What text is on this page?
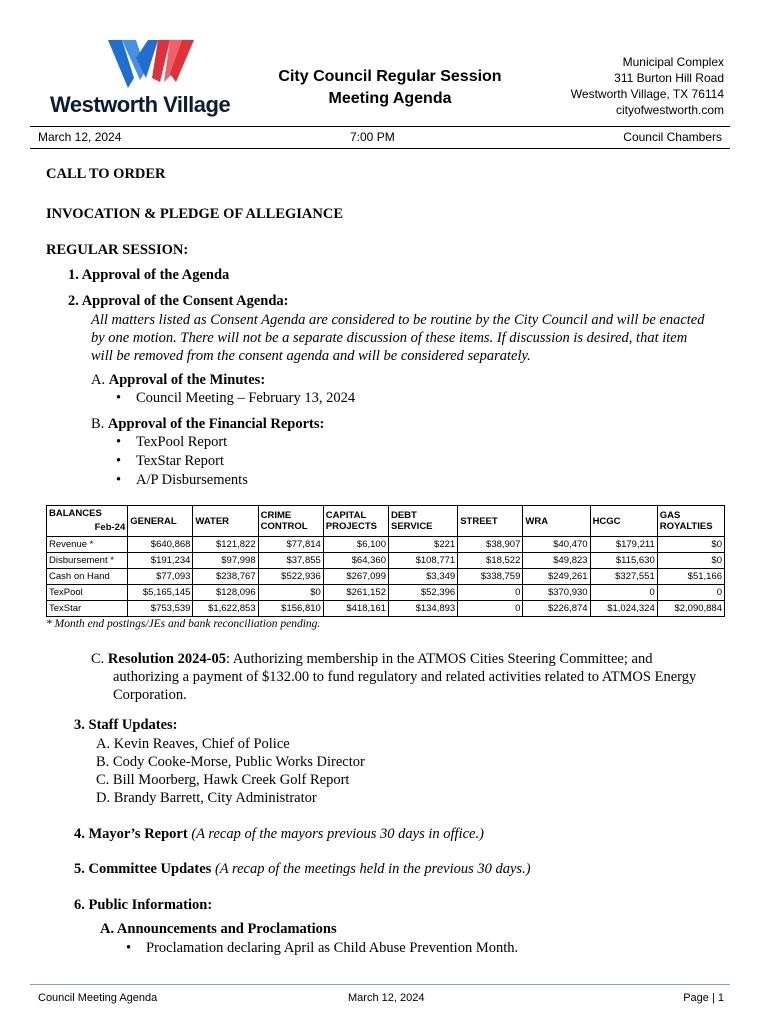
Westworth Village
City Council Regular Session
Meeting Agenda
Municipal Complex
311 Burton Hill Road
Westworth Village, TX 76114
cityofwestworth.com
March 12, 2024	7:00 PM	Council Chambers
CALL TO ORDER
INVOCATION & PLEDGE OF ALLEGIANCE
REGULAR SESSION:
1. Approval of the Agenda
2. Approval of the Consent Agenda:
All matters listed as Consent Agenda are considered to be routine by the City Council and will be enacted
by one motion. There will not be a separate discussion of these items. If discussion is desired, that item
will be removed from the consent agenda and will be considered separately.
A. Approval of the Minutes:
• Council Meeting – February 13, 2024
B. Approval of the Financial Reports:
• TexPool Report
• TexStar Report
• A/P Disbursements
BALANCES
Feb-24	GENERAL	WATER	CRIME CONTROL	CAPITAL PROJECTS	DEBT SERVICE	STREET	WRA	HCGC	GAS ROYALTIES
Revenue *	$640,868	$121,822	$77,814	$6,100	$221	$38,907	$40,470	$179,211	$0
Disbursement *	$191,234	$97,998	$37,855	$64,360	$108,771	$18,522	$49,823	$115,630	$0
Cash on Hand	$77,093	$238,767	$522,936	$267,099	$3,349	$338,759	$249,261	$327,551	$51,166
TexPool	$5,165,145	$128,096	$0	$261,152	$52,396	0	$370,930	0	0
TexStar	$753,539	$1,622,853	$156,810	$418,161	$134,893	0	$226,874	$1,024,324	$2,090,884
* Month end postings/JEs and bank reconciliation pending.
C. Resolution 2024-05: Authorizing membership in the ATMOS Cities Steering Committee; and
authorizing a payment of $132.00 to fund regulatory and related activities related to ATMOS Energy
Corporation.
3. Staff Updates:
A. Kevin Reaves, Chief of Police
B. Cody Cooke-Morse, Public Works Director
C. Bill Moorberg, Hawk Creek Golf Report
D. Brandy Barrett, City Administrator
4. Mayor’s Report (A recap of the mayors previous 30 days in office.)
5. Committee Updates (A recap of the meetings held in the previous 30 days.)
6. Public Information:
A. Announcements and Proclamations
• Proclamation declaring April as Child Abuse Prevention Month.
Council Meeting Agenda	March 12, 2024	Page | 1
